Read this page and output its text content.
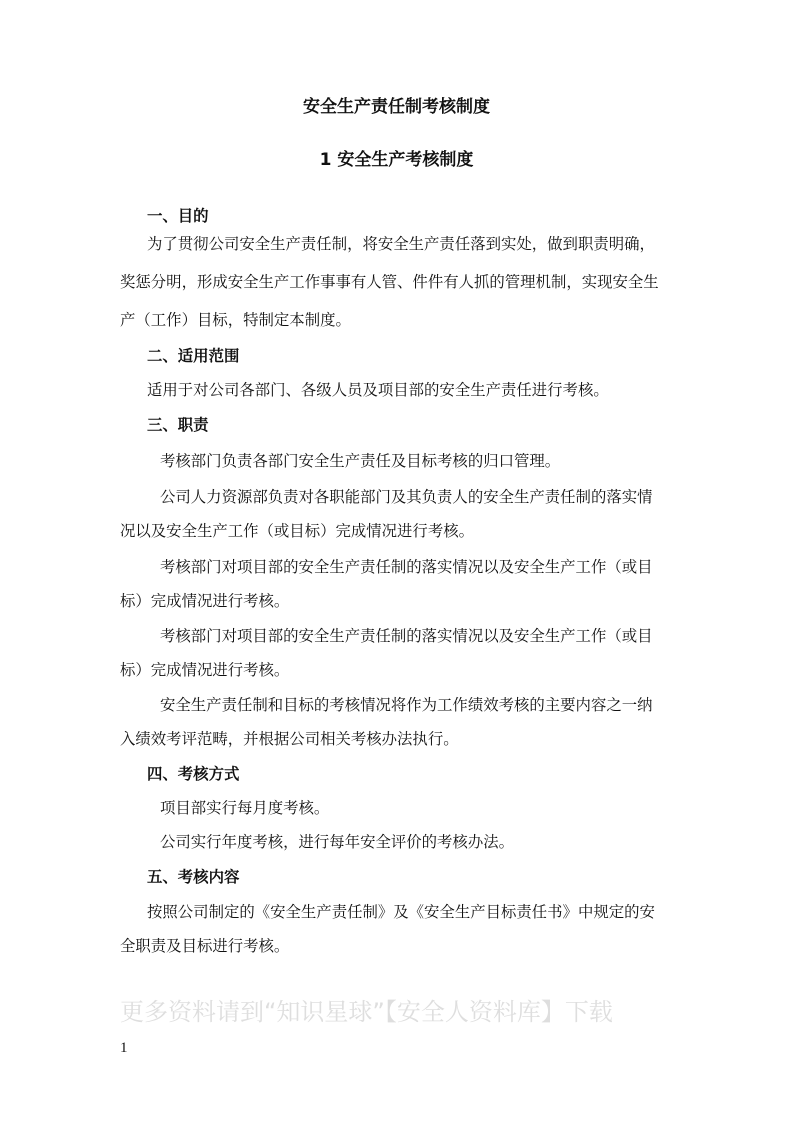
安全生产责任制考核制度
1 安全生产考核制度
一、目的
为了贯彻公司安全生产责任制，将安全生产责任落到实处，做到职责明确，
奖惩分明，形成安全生产工作事事有人管、件件有人抓的管理机制，实现安全生
产（工作）目标，特制定本制度。
二、适用范围
适用于对公司各部门、各级人员及项目部的安全生产责任进行考核。
三、职责
考核部门负责各部门安全生产责任及目标考核的归口管理。
公司人力资源部负责对各职能部门及其负责人的安全生产责任制的落实情
况以及安全生产工作（或目标）完成情况进行考核。
考核部门对项目部的安全生产责任制的落实情况以及安全生产工作（或目
标）完成情况进行考核。
考核部门对项目部的安全生产责任制的落实情况以及安全生产工作（或目
标）完成情况进行考核。
安全生产责任制和目标的考核情况将作为工作绩效考核的主要内容之一纳
入绩效考评范畴，并根据公司相关考核办法执行。
四、考核方式
项目部实行每月度考核。
公司实行年度考核，进行每年安全评价的考核办法。
五、考核内容
按照公司制定的《安全生产责任制》及《安全生产目标责任书》中规定的安
全职责及目标进行考核。
更多资料请到“知识星球”【安全人资料库】下载
1
